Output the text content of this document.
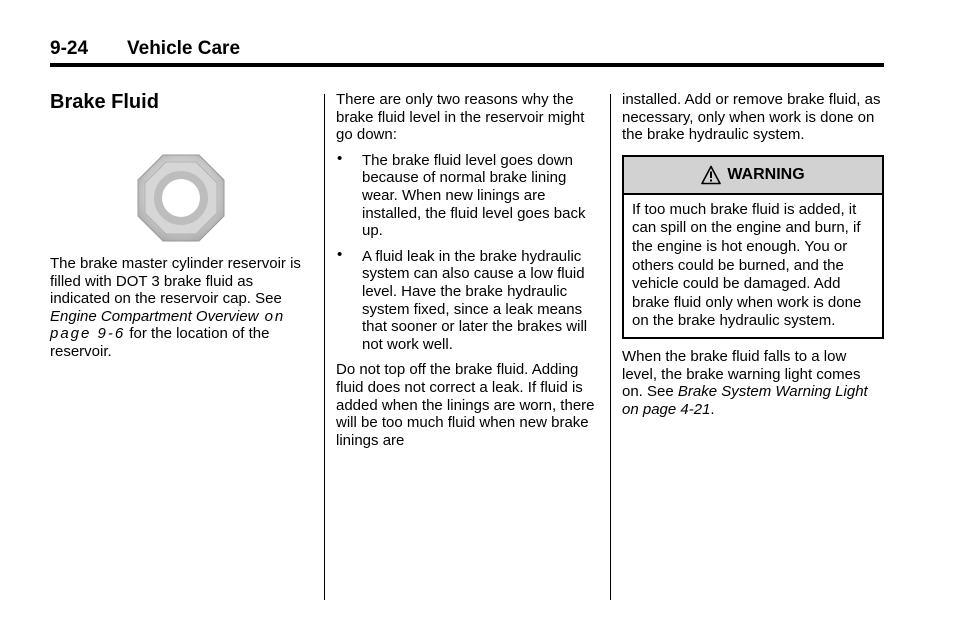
9-24 Vehicle Care
Brake Fluid

The brake master cylinder reservoir is filled with DOT 3 brake fluid as indicated on the reservoir cap. See Engine Compartment Overview on page 9-6 for the location of the reservoir.

There are only two reasons why the brake fluid level in the reservoir might go down:

• The brake fluid level goes down because of normal brake lining wear. When new linings are installed, the fluid level goes back up.
• A fluid leak in the brake hydraulic system can also cause a low fluid level. Have the brake hydraulic system fixed, since a leak means that sooner or later the brakes will not work well.

Do not top off the brake fluid. Adding fluid does not correct a leak. If fluid is added when the linings are worn, there will be too much fluid when new brake linings are

installed. Add or remove brake fluid, as necessary, only when work is done on the brake hydraulic system.

WARNING
If too much brake fluid is added, it can spill on the engine and burn, if the engine is hot enough. You or others could be burned, and the vehicle could be damaged. Add brake fluid only when work is done on the brake hydraulic system.

When the brake fluid falls to a low level, the brake warning light comes on. See Brake System Warning Light on page 4-21.
